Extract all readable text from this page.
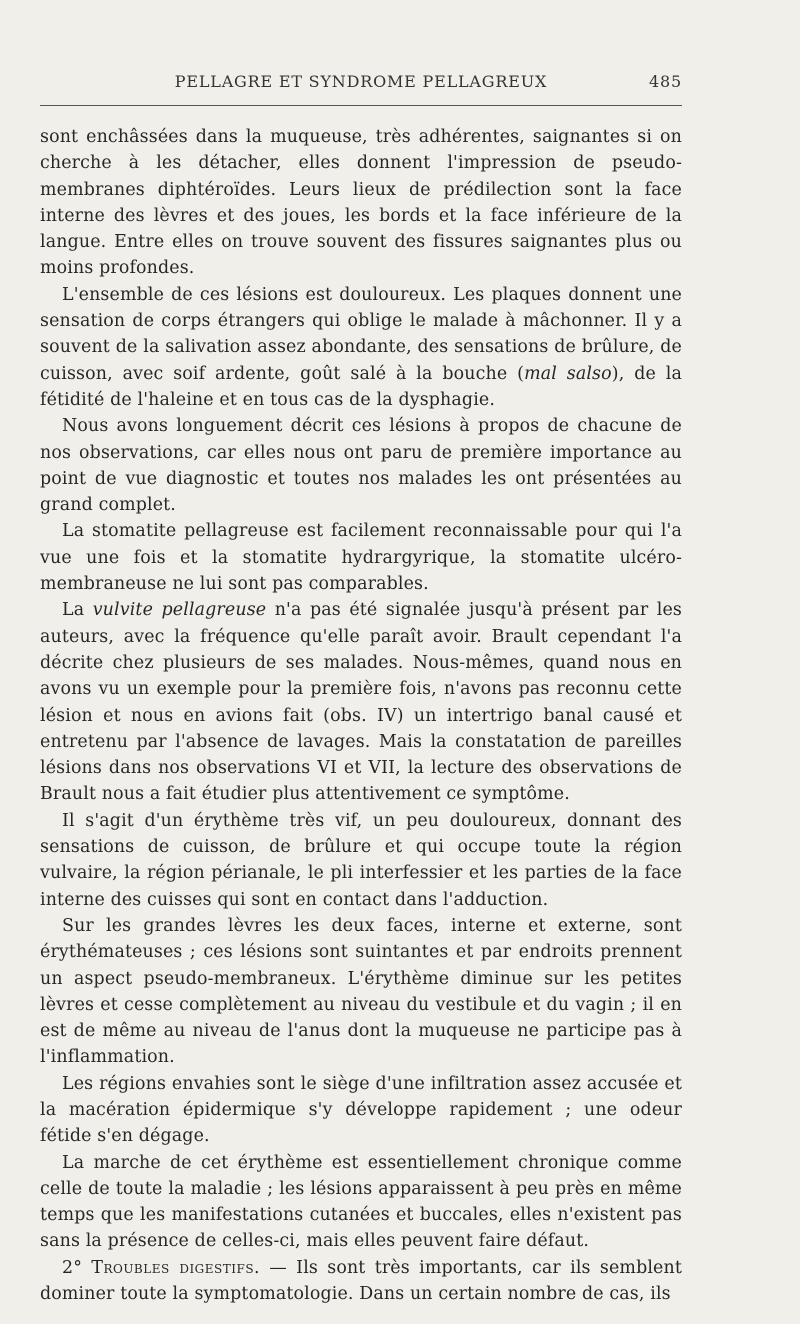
PELLAGRE ET SYNDROME PELLAGREUX	485

sont enchâssées dans la muqueuse, très adhérentes, saignantes si on cherche à les détacher, elles donnent l'impression de pseudo-membranes diphtéroïdes. Leurs lieux de prédilection sont la face interne des lèvres et des joues, les bords et la face inférieure de la langue. Entre elles on trouve souvent des fissures saignantes plus ou moins profondes.

L'ensemble de ces lésions est douloureux. Les plaques donnent une sensation de corps étrangers qui oblige le malade à mâchonner. Il y a souvent de la salivation assez abondante, des sensations de brûlure, de cuisson, avec soif ardente, goût salé à la bouche (mal salso), de la fétidité de l'haleine et en tous cas de la dysphagie.

Nous avons longuement décrit ces lésions à propos de chacune de nos observations, car elles nous ont paru de première importance au point de vue diagnostic et toutes nos malades les ont présentées au grand complet.

La stomatite pellagreuse est facilement reconnaissable pour qui l'a vue une fois et la stomatite hydrargyrique, la stomatite ulcéro-membraneuse ne lui sont pas comparables.

La vulvite pellagreuse n'a pas été signalée jusqu'à présent par les auteurs, avec la fréquence qu'elle paraît avoir. Brault cependant l'a décrite chez plusieurs de ses malades. Nous-mêmes, quand nous en avons vu un exemple pour la première fois, n'avons pas reconnu cette lésion et nous en avions fait (obs. IV) un intertrigo banal causé et entretenu par l'absence de lavages. Mais la constatation de pareilles lésions dans nos observations VI et VII, la lecture des observations de Brault nous a fait étudier plus attentivement ce symptôme.

Il s'agit d'un érythème très vif, un peu douloureux, donnant des sensations de cuisson, de brûlure et qui occupe toute la région vulvaire, la région périanale, le pli interfessier et les parties de la face interne des cuisses qui sont en contact dans l'adduction.

Sur les grandes lèvres les deux faces, interne et externe, sont érythémateuses ; ces lésions sont suintantes et par endroits prennent un aspect pseudo-membraneux. L'érythème diminue sur les petites lèvres et cesse complètement au niveau du vestibule et du vagin ; il en est de même au niveau de l'anus dont la muqueuse ne participe pas à l'inflammation.

Les régions envahies sont le siège d'une infiltration assez accusée et la macération épidermique s'y développe rapidement ; une odeur fétide s'en dégage.

La marche de cet érythème est essentiellement chronique comme celle de toute la maladie ; les lésions apparaissent à peu près en même temps que les manifestations cutanées et buccales, elles n'existent pas sans la présence de celles-ci, mais elles peuvent faire défaut.

2° Troubles digestifs. — Ils sont très importants, car ils semblent dominer toute la symptomatologie. Dans un certain nombre de cas, ils
